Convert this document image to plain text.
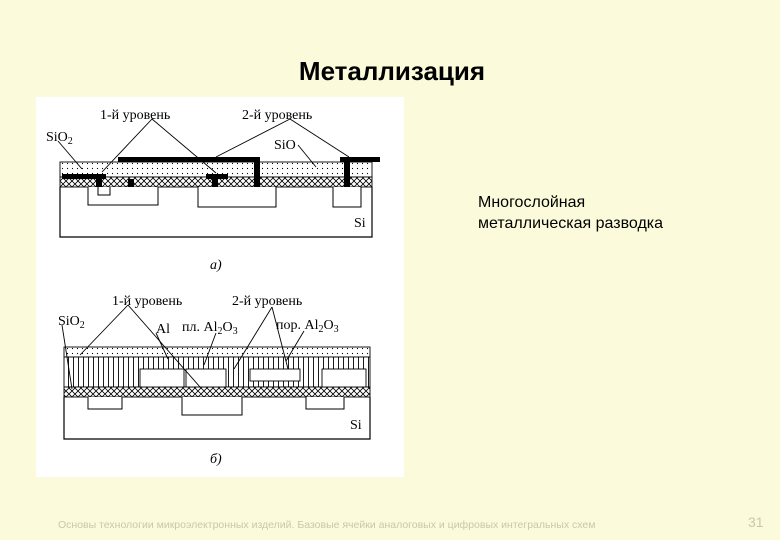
Металлизация
1-й уровень	2-й уровень
SiO$_2$	SiO
Si
а)
1-й уровень	2-й уровень
SiO$_2$	Al пл. $Al_2O_3$	пор. $Al_2O_3$
Si
б)
Многослойная
металлическая разводка
Основы технологии микроэлектронных изделий. Базовые ячейки аналоговых и цифровых интегральных схем	31
